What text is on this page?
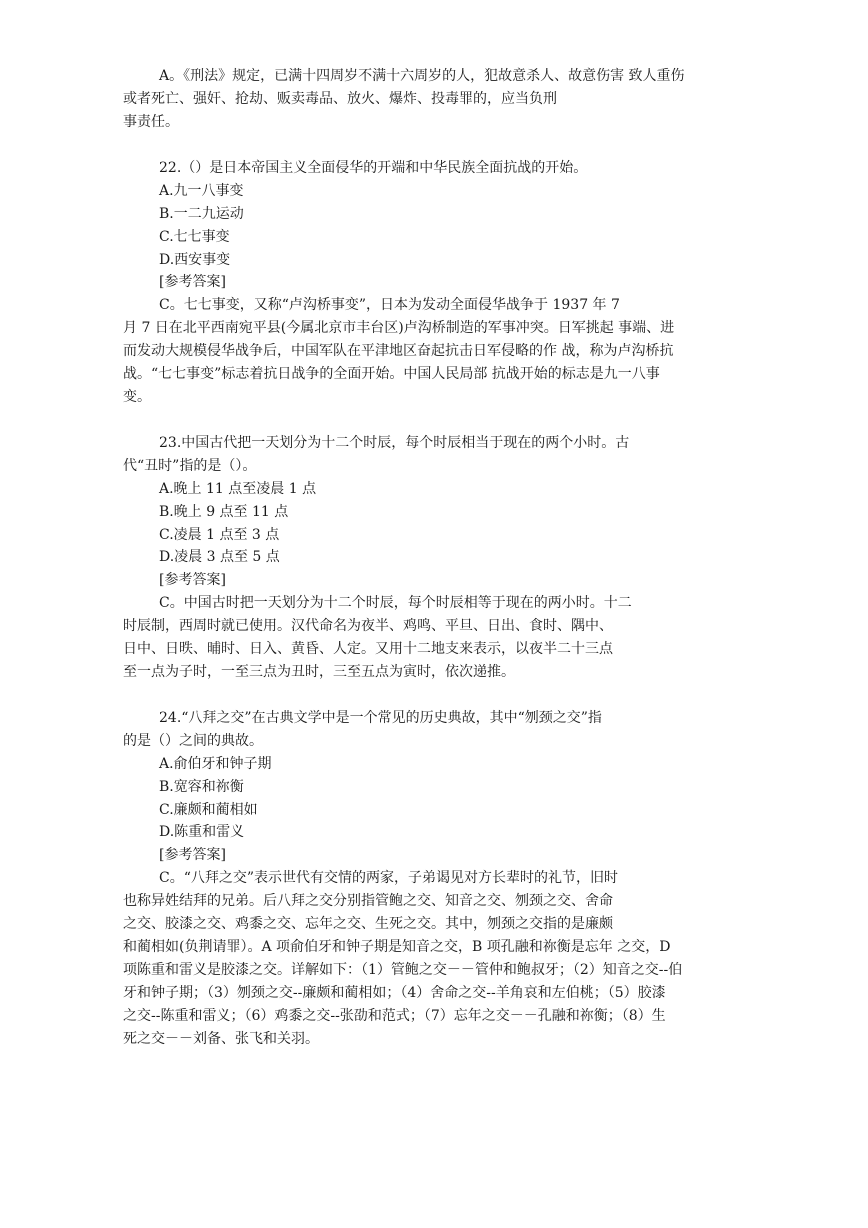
A。《刑法》规定，已满十四周岁不满十六周岁的人，犯故意杀人、故意伤害 致人重伤
或者死亡、强奸、抢劫、贩卖毒品、放火、爆炸、投毒罪的，应当负刑
事责任。
22.（）是日本帝国主义全面侵华的开端和中华民族全面抗战的开始。
A.九一八事变
B.一二九运动
C.七七事变
D.西安事变
[参考答案]
C。七七事变，又称“卢沟桥事变”，日本为发动全面侵华战争于 1937 年 7
月 7 日在北平西南宛平县(今属北京市丰台区)卢沟桥制造的军事冲突。日军挑起 事端、进
而发动大规模侵华战争后，中国军队在平津地区奋起抗击日军侵略的作 战，称为卢沟桥抗
战。“七七事变”标志着抗日战争的全面开始。中国人民局部 抗战开始的标志是九一八事
变。
23.中国古代把一天划分为十二个时辰，每个时辰相当于现在的两个小时。古
代“丑时”指的是（）。
A.晚上 11 点至凌晨 1 点
B.晚上 9 点至 11 点
C.凌晨 1 点至 3 点
D.凌晨 3 点至 5 点
[参考答案]
C。中国古时把一天划分为十二个时辰，每个时辰相等于现在的两小时。十二
时辰制，西周时就已使用。汉代命名为夜半、鸡鸣、平旦、日出、食时、隅中、
日中、日昳、晡时、日入、黄昏、人定。又用十二地支来表示，以夜半二十三点
至一点为子时，一至三点为丑时，三至五点为寅时，依次递推。
24.“八拜之交”在古典文学中是一个常见的历史典故，其中“刎颈之交”指
的是（）之间的典故。
A.俞伯牙和钟子期
B.宽容和祢衡
C.廉颇和蔺相如
D.陈重和雷义
[参考答案]
C。“八拜之交”表示世代有交情的两家，子弟谒见对方长辈时的礼节，旧时
也称异姓结拜的兄弟。后八拜之交分别指管鲍之交、知音之交、刎颈之交、舍命
之交、胶漆之交、鸡黍之交、忘年之交、生死之交。其中，刎颈之交指的是廉颇
和蔺相如(负荆请罪）。A 项俞伯牙和钟子期是知音之交，B 项孔融和祢衡是忘年 之交，D
项陈重和雷义是胶漆之交。详解如下：（1）管鲍之交－－管仲和鲍叔牙；（2）知音之交--伯
牙和钟子期；（3）刎颈之交--廉颇和蔺相如；（4）舍命之交--羊角哀和左伯桃；（5）胶漆
之交--陈重和雷义；（6）鸡黍之交--张劭和范式；（7）忘年之交－－孔融和祢衡；（8）生
死之交－－刘备、张飞和关羽。
